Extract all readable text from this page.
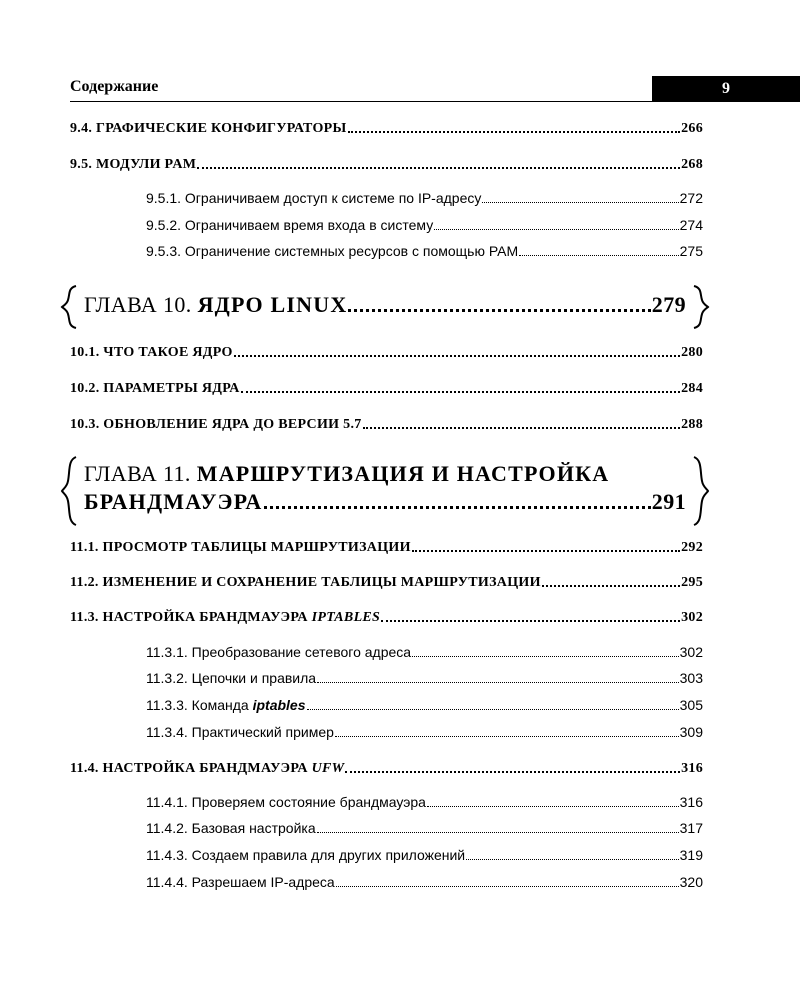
Содержание	9
9.4. ГРАФИЧЕСКИЕ КОНФИГУРАТОРЫ	266
9.5. МОДУЛИ PAM	268
9.5.1. Ограничиваем доступ к системе по IP-адресу	272
9.5.2. Ограничиваем время входа в систему	274
9.5.3. Ограничение системных ресурсов с помощью PAM	275
ГЛАВА 10.
ЯДРО LINUX	279
10.1. ЧТО ТАКОЕ ЯДРО	280
10.2. ПАРАМЕТРЫ ЯДРА	284
10.3. ОБНОВЛЕНИЕ ЯДРА ДО ВЕРСИИ 5.7	288
ГЛАВА 11.
МАРШРУТИЗАЦИЯ И НАСТРОЙКА
БРАНДМАУЭРА	291
11.1. ПРОСМОТР ТАБЛИЦЫ МАРШРУТИЗАЦИИ	292
11.2. ИЗМЕНЕНИЕ И СОХРАНЕНИЕ ТАБЛИЦЫ МАРШРУТИЗАЦИИ	295
11.3. НАСТРОЙКА БРАНДМАУЭРА IPTABLES	302
11.3.1. Преобразование сетевого адреса	302
11.3.2. Цепочки и правила	303
11.3.3. Команда iptables	305
11.3.4. Практический пример	309
11.4. НАСТРОЙКА БРАНДМАУЭРА UFW	316
11.4.1. Проверяем состояние брандмауэра	316
11.4.2. Базовая настройка	317
11.4.3. Создаем правила для других приложений	319
11.4.4. Разрешаем IP-адреса	320
